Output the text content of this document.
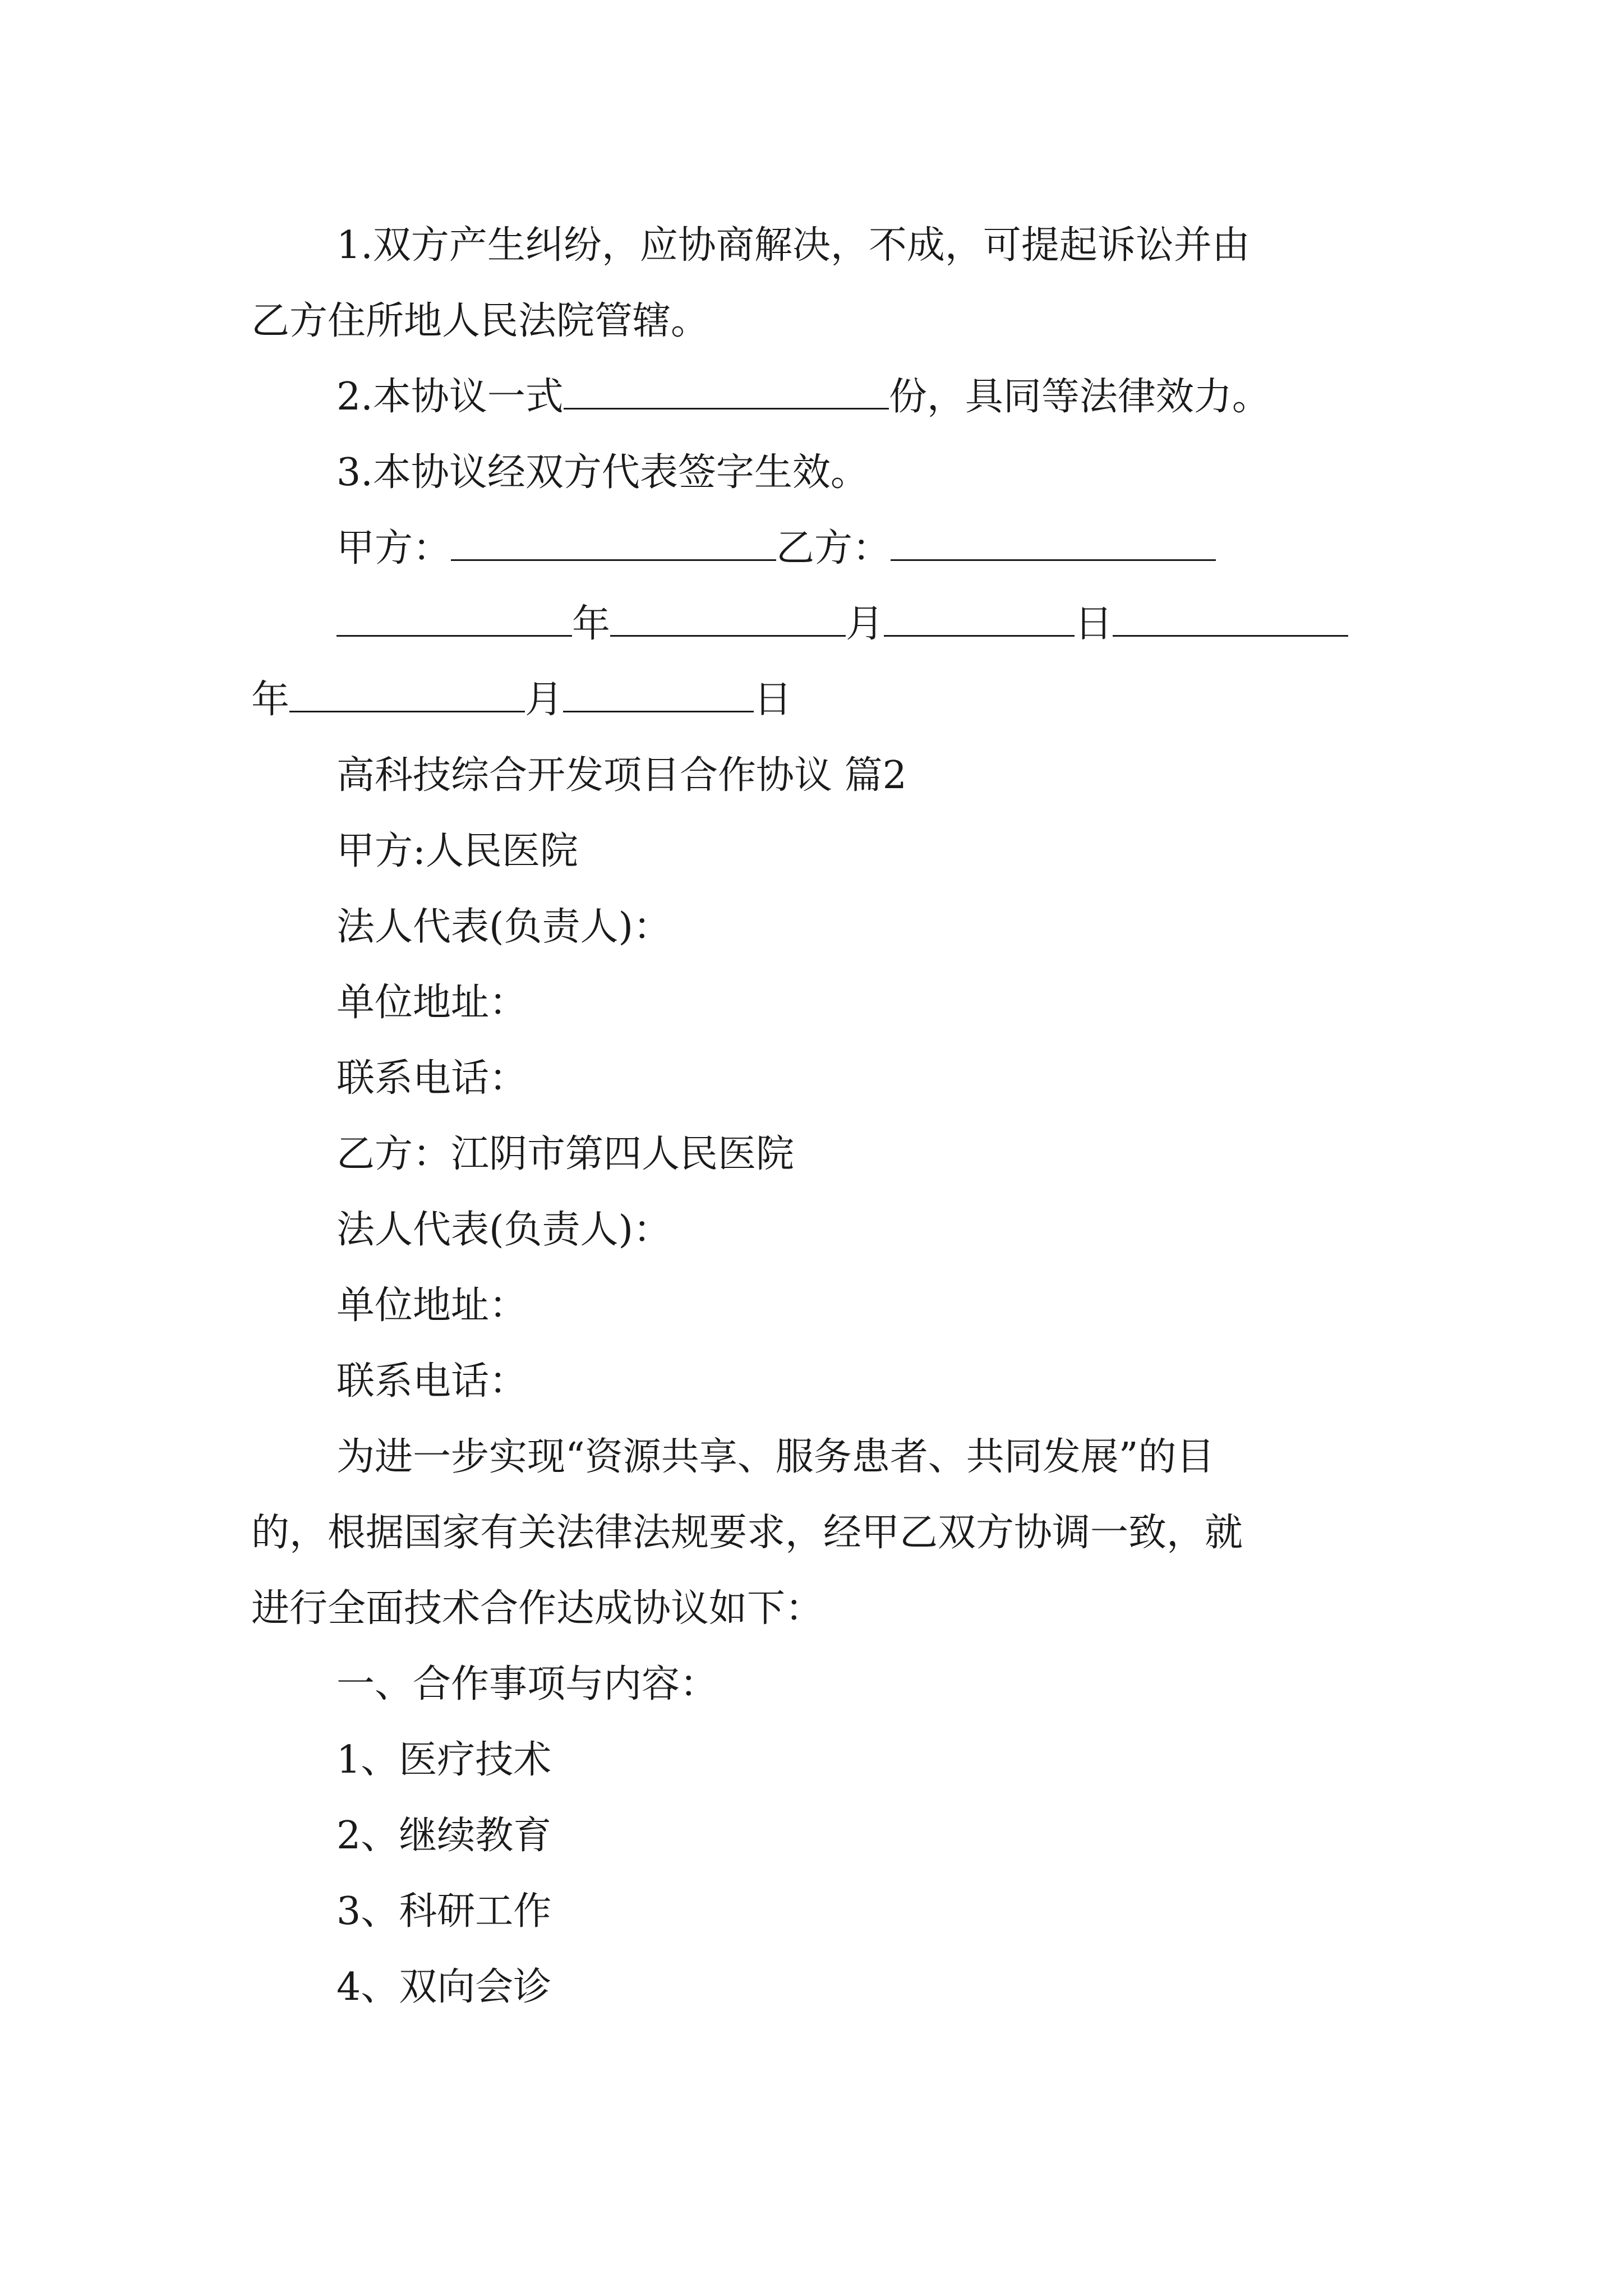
1.双方产生纠纷，应协商解决，不成，可提起诉讼并由
乙方住所地人民法院管辖。
2.本协议一式	份，具同等法律效力。
3.本协议经双方代表签字生效。
甲方：	乙方：
年	月	日
年	月	日
高科技综合开发项目合作协议 篇2
甲方:人民医院
法人代表(负责人)：
单位地址：
联系电话：
乙方：江阴市第四人民医院
法人代表(负责人)：
单位地址：
联系电话：
为进一步实现“资源共享、服务患者、共同发展”的目
的，根据国家有关法律法规要求，经甲乙双方协调一致，就
进行全面技术合作达成协议如下：
一、合作事项与内容：
1、医疗技术
2、继续教育
3、科研工作
4、双向会诊
